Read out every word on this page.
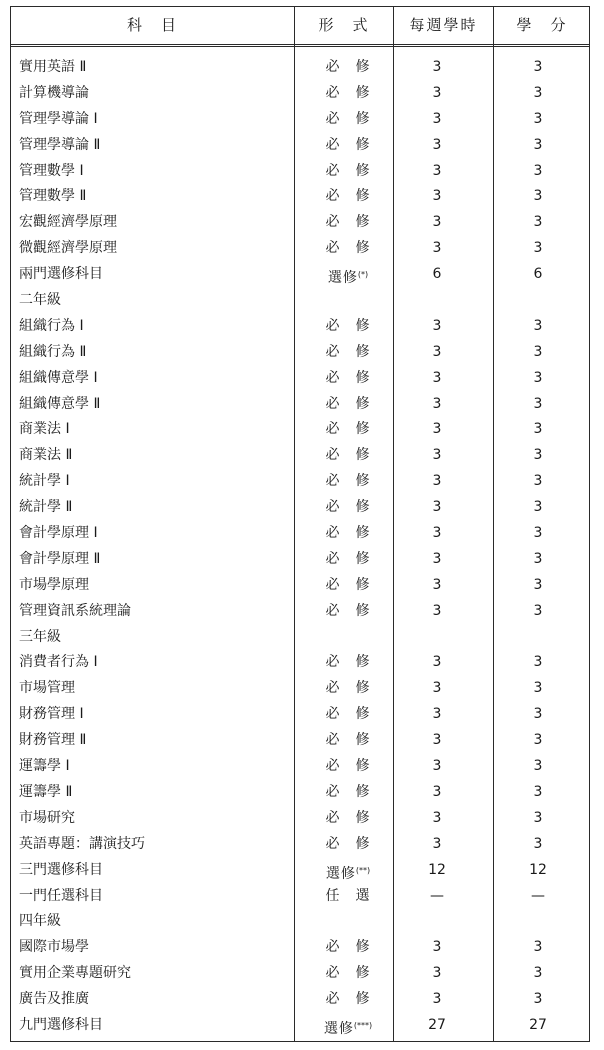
科　目	形　式	每週學時	學　分
實用英語 Ⅱ	必　修	3	3
計算機導論	必　修	3	3
管理學導論 Ⅰ	必　修	3	3
管理學導論 Ⅱ	必　修	3	3
管理數學 Ⅰ	必　修	3	3
管理數學 Ⅱ	必　修	3	3
宏觀經濟學原理	必　修	3	3
微觀經濟學原理	必　修	3	3
兩門選修科目	選修(*)	6	6
二年級
組織行為 Ⅰ	必　修	3	3
組織行為 Ⅱ	必　修	3	3
組織傳意學 Ⅰ	必　修	3	3
組織傳意學 Ⅱ	必　修	3	3
商業法 Ⅰ	必　修	3	3
商業法 Ⅱ	必　修	3	3
統計學 Ⅰ	必　修	3	3
統計學 Ⅱ	必　修	3	3
會計學原理 Ⅰ	必　修	3	3
會計學原理 Ⅱ	必　修	3	3
市場學原理	必　修	3	3
管理資訊系統理論	必　修	3	3
三年級
消費者行為 Ⅰ	必　修	3	3
市場管理	必　修	3	3
財務管理 Ⅰ	必　修	3	3
財務管理 Ⅱ	必　修	3	3
運籌學 Ⅰ	必　修	3	3
運籌學 Ⅱ	必　修	3	3
市場研究	必　修	3	3
英語專題：講演技巧	必　修	3	3
三門選修科目	選修(**)	12	12
一門任選科目	任　選	—	—
四年級
國際市場學	必　修	3	3
實用企業專題研究	必　修	3	3
廣告及推廣	必　修	3	3
九門選修科目	選修(***)	27	27
